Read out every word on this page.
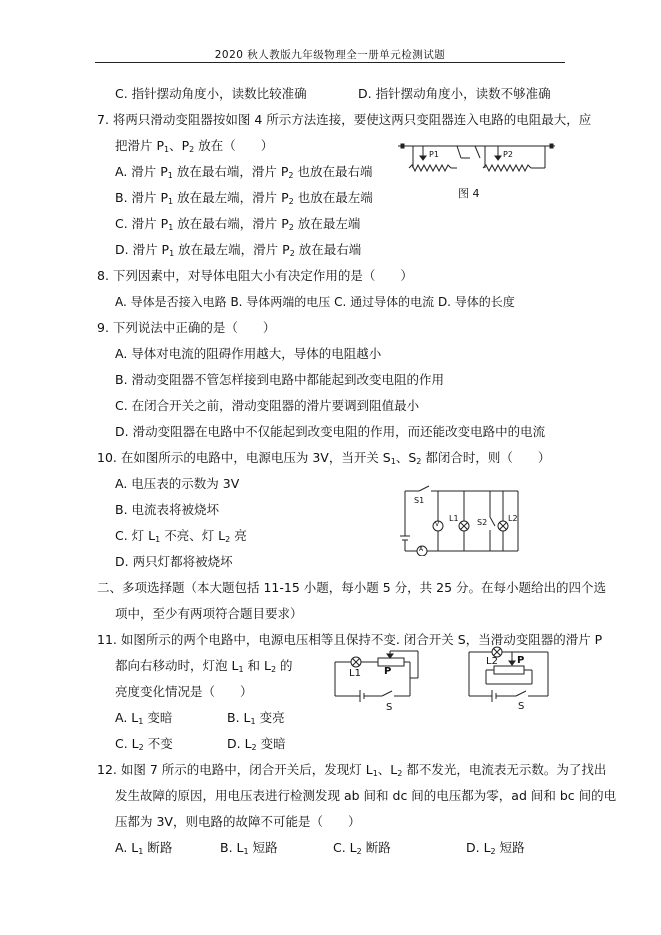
2020 秋人教版九年级物理全一册单元检测试题
C. 指针摆动角度小，读数比较准确	D. 指针摆动角度小，读数不够准确
7. 将两只滑动变阻器按如图 4 所示方法连接，要使这两只变阻器连入电路的电阻最大，应
把滑片 $P_1$、$P_2$ 放在（　　）
A. 滑片 $P_1$ 放在最右端，滑片 $P_2$ 也放在最右端
B. 滑片 $P_1$ 放在最左端，滑片 $P_2$ 也放在最左端
C. 滑片 $P_1$ 放在最右端，滑片 $P_2$ 放在最左端
D. 滑片 $P_1$ 放在最左端，滑片 $P_2$ 放在最右端
P1	P2
图 4
8. 下列因素中，对导体电阻大小有决定作用的是（　　）
A. 导体是否接入电路 B. 导体两端的电压 C. 通过导体的电流 D. 导体的长度
9. 下列说法中正确的是（　　）
A. 导体对电流的阻碍作用越大，导体的电阻越小
B. 滑动变阻器不管怎样接到电路中都能起到改变电阻的作用
C. 在闭合开关之前，滑动变阻器的滑片要调到阻值最小
D. 滑动变阻器在电路中不仅能起到改变电阻的作用，而还能改变电路中的电流
10. 在如图所示的电路中，电源电压为 3V，当开关 $S_1$、$S_2$ 都闭合时，则（　　）
A. 电压表的示数为 3V
B. 电流表将被烧坏
C. 灯 $L_1$ 不亮、灯 $L_2$ 亮
D. 两只灯都将被烧坏
S1
V
A
L1 S2	L2
二、多项选择题（本大题包括 11-15 小题，每小题 5 分，共 25 分。在每小题给出的四个选
项中，至少有两项符合题目要求）
11. 如图所示的两个电路中，电源电压相等且保持不变. 闭合开关 S，当滑动变阻器的滑片 P
都向右移动时，灯泡 $L_1$ 和 $L_2$ 的
亮度变化情况是（　　）
A. $L_1$ 变暗	B. $L_1$ 变亮
C. $L_2$ 不变	D. $L_2$ 变暗
L1 P
S
L2 P
S
12. 如图 7 所示的电路中，闭合开关后，发现灯 $L_1$、$L_2$ 都不发光，电流表无示数。为了找出
发生故障的原因，用电压表进行检测发现 ab 间和 dc 间的电压都为零，ad 间和 bc 间的电
压都为 3V，则电路的故障不可能是（　　）
A. $L_1$ 断路	B. $L_1$ 短路	C. $L_2$ 断路	D. $L_2$ 短路
